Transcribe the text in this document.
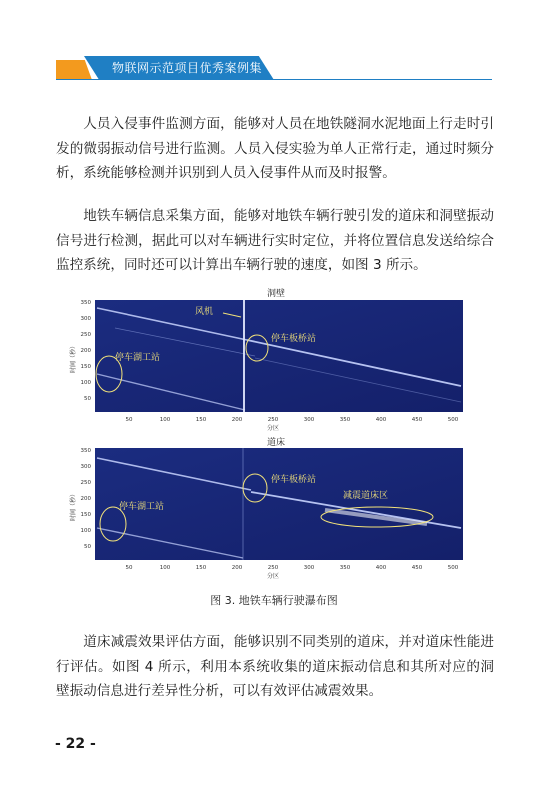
物联网示范项目优秀案例集

人员入侵事件监测方面，能够对人员在地铁隧洞水泥地面上行走时引发的微弱振动信号进行监测。人员入侵实验为单人正常行走，通过时频分析，系统能够检测并识别到人员入侵事件从而及时报警。

地铁车辆信息采集方面，能够对地铁车辆行驶引发的道床和洞壁振动信号进行检测，据此可以对车辆进行实时定位，并将位置信息发送给综合监控系统，同时还可以计算出车辆行驶的速度，如图 3 所示。

洞壁
风机
停车板桥站
停车湖工站
350
300
250
200
150
100
50
时间（秒）
50	100	150	200	250	300	350	400	450	500
分区
道床
停车板桥站
减震道床区
停车湖工站
350
300
250
200
150
100
50
时间（秒）
50	100	150	200	250	300	350	400	450	500
分区
图 3. 地铁车辆行驶瀑布图

道床减震效果评估方面，能够识别不同类别的道床，并对道床性能进行评估。如图 4 所示，利用本系统收集的道床振动信息和其所对应的洞壁振动信息进行差异性分析，可以有效评估减震效果。

- 22 -
